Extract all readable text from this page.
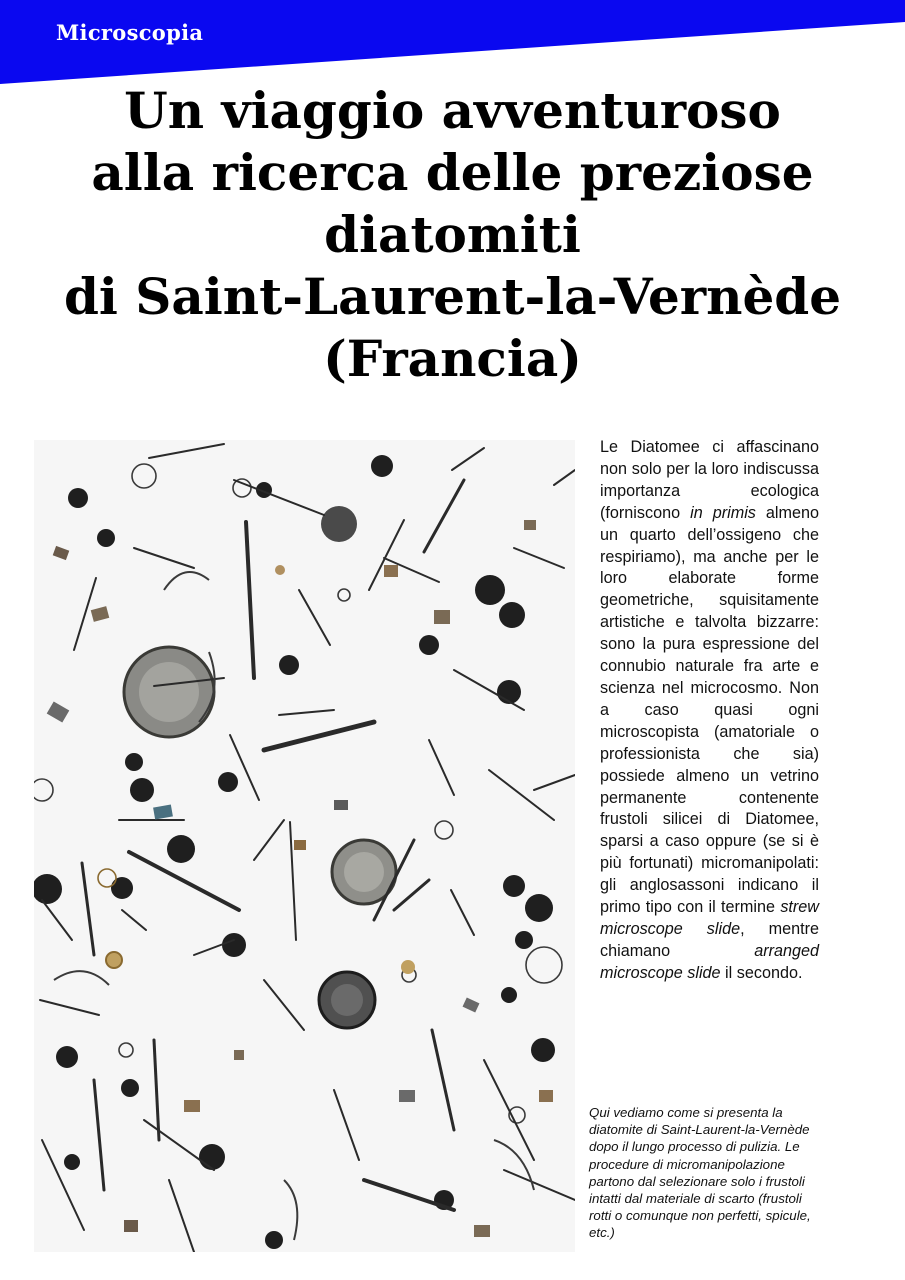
Microscopia
Un viaggio avventuroso
alla ricerca delle preziose
diatomiti
di Saint-Laurent-la-Vernède
(Francia)

Le Diatomee ci affascinano non solo per la loro indiscussa importanza ecologica (forniscono in primis almeno un quarto dell’ossigeno che respiriamo), ma anche per le loro elaborate forme geometriche, squisitamente artistiche e talvolta bizzarre: sono la pura espressione del connubio naturale fra arte e scienza nel microcosmo. Non a caso quasi ogni microscopista (amatoriale o professionista che sia) possiede almeno un vetrino permanente contenente frustoli silicei di Diatomee, sparsi a caso oppure (se si è più fortunati) micromanipolati: gli anglosassoni indicano il primo tipo con il termine strew microscope slide, mentre chiamano arranged microscope slide il secondo.

Qui vediamo come si presenta la diatomite di Saint-Laurent-la-Vernède dopo il lungo processo di pulizia. Le procedure di micromanipolazione partono dal selezionare solo i frustoli intatti dal materiale di scarto (frustoli rotti o comunque non perfetti, spicule, etc.)
